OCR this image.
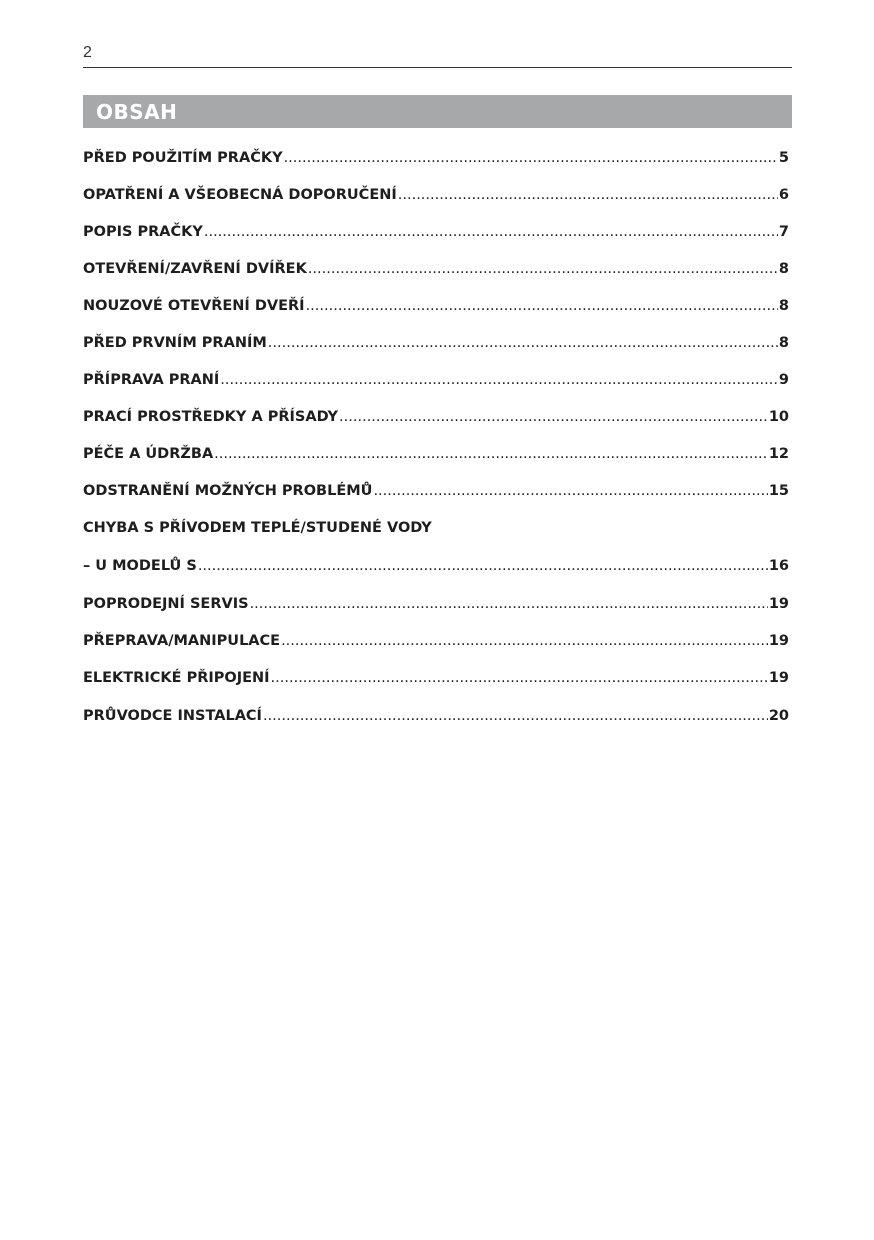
2
OBSAH
PŘED POUŽITÍM PRAČKY .....	5
OPATŘENÍ A VŠEOBECNÁ DOPORUČENÍ .....	6
POPIS PRAČKY .....	7
OTEVŘENÍ/ZAVŘENÍ DVÍŘEK .....	8
NOUZOVÉ OTEVŘENÍ DVEŘÍ .....	8
PŘED PRVNÍM PRANÍM .....	8
PŘÍPRAVA PRANÍ .....	9
PRACÍ PROSTŘEDKY A PŘÍSADY .....	10
PÉČE A ÚDRŽBA .....	12
ODSTRANĚNÍ MOŽNÝCH PROBLÉMŮ .....	15
CHYBA S PŘÍVODEM TEPLÉ/STUDENÉ VODY
– U MODELŮ S .....	16
POPRODEJNÍ SERVIS .....	19
PŘEPRAVA/MANIPULACE .....	19
ELEKTRICKÉ PŘIPOJENÍ .....	19
PRŮVODCE INSTALACÍ .....	20
